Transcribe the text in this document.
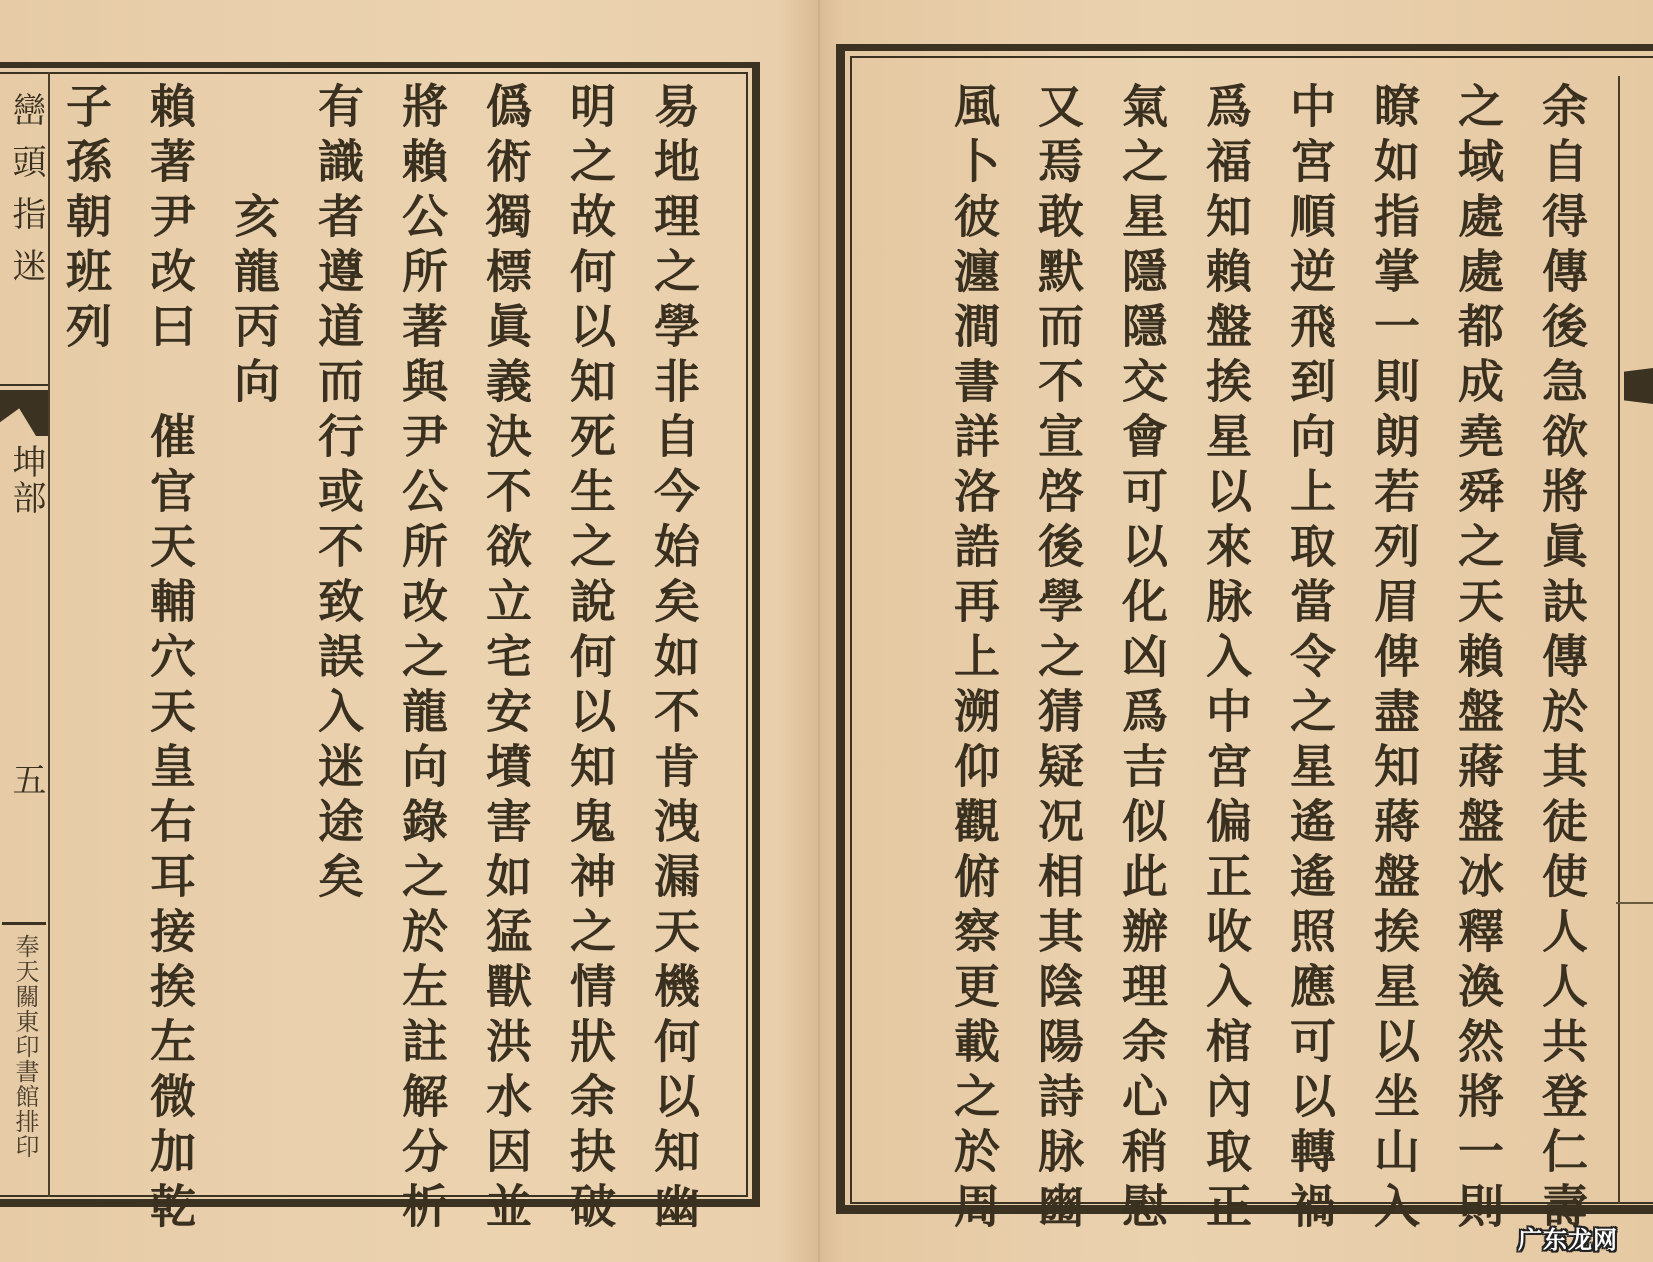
巒頭指迷
坤部
五
奉天關東印書館排印	易地理之學非自今始矣如不肯洩漏天機何以知幽
明之故何以知死生之說何以知鬼神之情狀余抉破
僞術獨標眞義決不欲立宅安墳害如猛獸洪水因並
將賴公所著與尹公所改之龍向錄之於左註解分析
有識者遵道而行或不致誤入迷途矣
亥龍丙向
賴著尹改曰　催官天輔穴天皇右耳接挨左微加乾
子孫朝班列	余自得傳後急欲將眞訣傳於其徒使人人共登仁壽
之域處處都成堯舜之天賴盤蔣盤冰釋渙然將一則
瞭如指掌一則朗若列眉俾盡知蔣盤挨星以坐山入
中宮順逆飛到向上取當令之星遙遙照應可以轉禍
爲福知賴盤挨星以來脉入中宮偏正收入棺內取正
氣之星隱隱交會可以化凶爲吉似此辦理余心稍慰
又焉敢默而不宣啓後學之猜疑况相其陰陽詩脉豳
風卜彼瀍澗書詳洛誥再上溯仰觀俯察更載之於周
广东龙网
